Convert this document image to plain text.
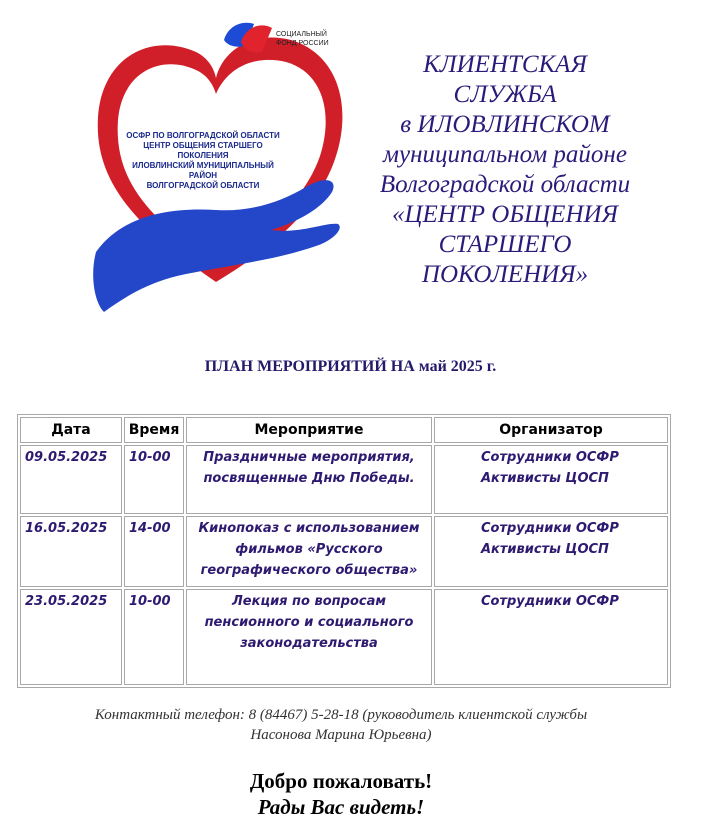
СОЦИАЛЬНЫЙ
ФОНД РОССИИ
ОСФР ПО ВОЛГОГРАДСКОЙ ОБЛАСТИ
ЦЕНТР ОБЩЕНИЯ СТАРШЕГО
ПОКОЛЕНИЯ
ИЛОВЛИНСКИЙ МУНИЦИПАЛЬНЫЙ
РАЙОН
ВОЛГОГРАДСКОЙ ОБЛАСТИ
КЛИЕНТСКАЯ
СЛУЖБА
в ИЛОВЛИНСКОМ
муниципальном районе
Волгоградской области
«ЦЕНТР ОБЩЕНИЯ
СТАРШЕГО
ПОКОЛЕНИЯ»
ПЛАН МЕРОПРИЯТИЙ НА май 2025 г.
Дата	Время	Мероприятие	Организатор
09.05.2025	10-00	Праздничные мероприятия, посвященные Дню Победы.	Сотрудники ОСФР
Активисты ЦОСП

16.05.2025	14-00	Кинопоказ с использованием фильмов «Русского географического общества»	Сотрудники ОСФР
Активисты ЦОСП

23.05.2025	10-00	Лекция по вопросам пенсионного и социального законодательства	Сотрудники ОСФР
Контактный телефон: 8 (84467) 5-28-18 (руководитель клиентской службы
Насонова Марина Юрьевна)
Добро пожаловать!
Рады Вас видеть!
